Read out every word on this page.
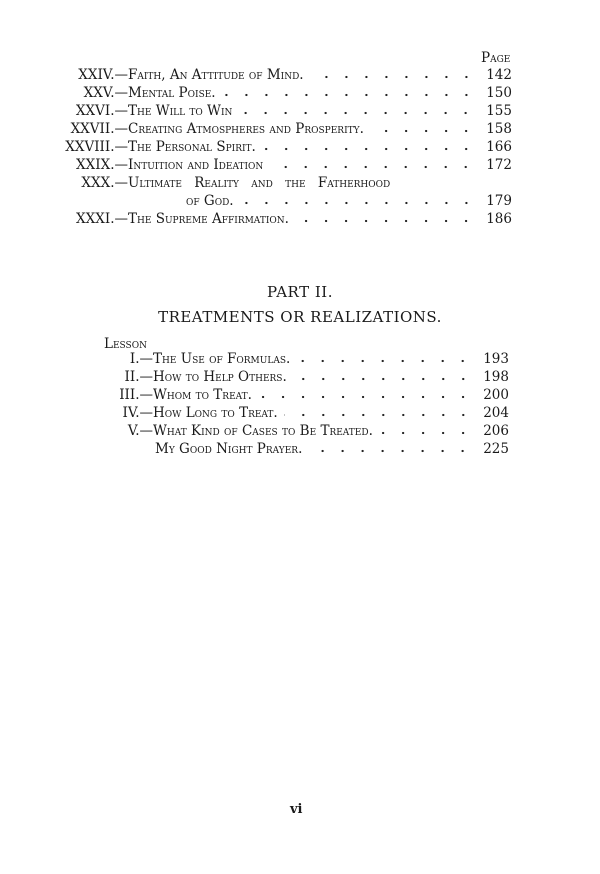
Page
XXIV.— Faith, An Attitude of Mind.	142
XXV.— Mental Poise.	150
XXVI.— The Will to Win	155
XXVII.— Creating Atmospheres and Prosperity.	158
XXVIII.— The Personal Spirit.	166
XXIX.— Intuition and Ideation	172
XXX.— Ultimate Reality and the Fatherhood
of God.	179
XXXI.— The Supreme Affirmation.	186
PART II.
TREATMENTS OR REALIZATIONS.
Lesson
I.— The Use of Formulas.	193
II.— How to Help Others.	198
III.— Whom to Treat.	200
IV.— How Long to Treat.	204
V.— What Kind of Cases to Be Treated.	206
My Good Night Prayer.	225
vi
